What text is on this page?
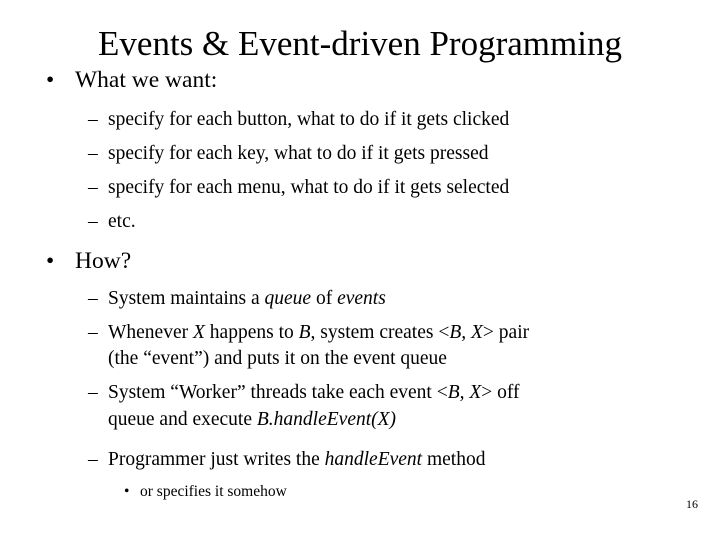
Events & Event-driven Programming
• What we want:
– specify for each button, what to do if it gets clicked
– specify for each key, what to do if it gets pressed
– specify for each menu, what to do if it gets selected
– etc.
• How?
– System maintains a queue of events
– Whenever X happens to B, system creates <B, X> pair
(the “event”) and puts it on the event queue
– System “Worker” threads take each event <B, X> off
queue and execute B.handleEvent(X)
– Programmer just writes the handleEvent method
• or specifies it somehow
16
